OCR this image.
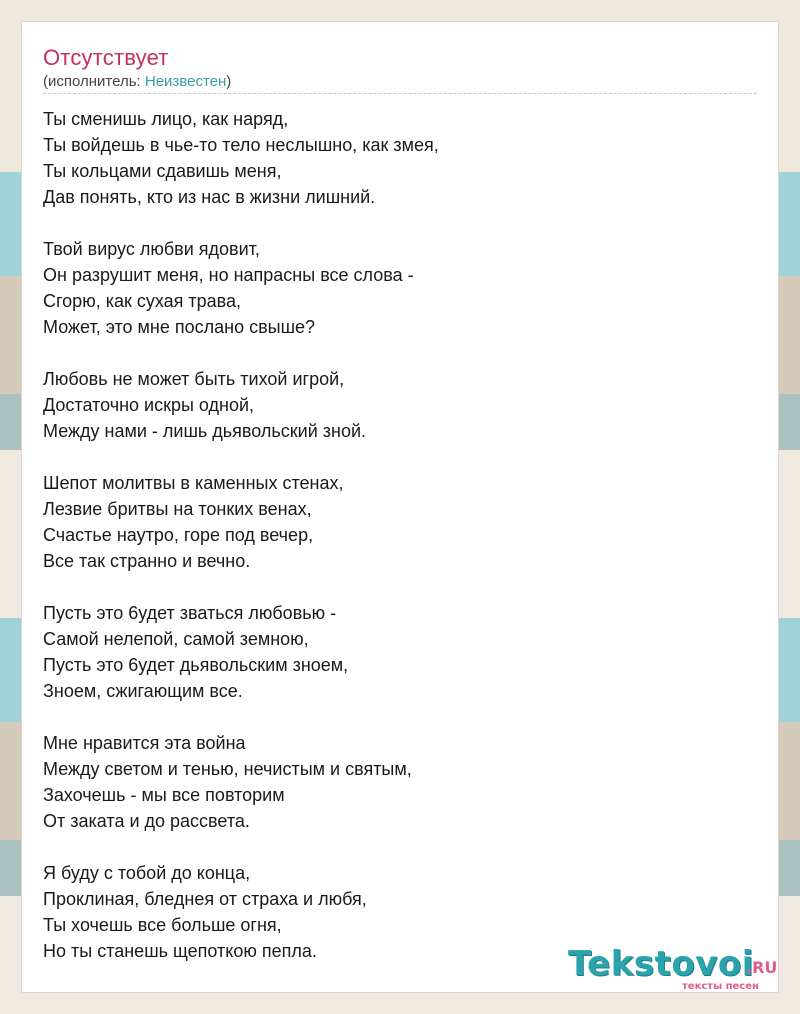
Отсутствует
(исполнитель: Неизвестен)
Ты сменишь лицо, как наряд,
Ты войдешь в чье-то тело неслышно, как змея,
Ты кольцами сдавишь меня,
Дав понять, кто из нас в жизни лишний.
Твой вирус любви ядовит,
Он разрушит меня, но напрасны все слова -
Сгорю, как сухая трава,
Может, это мне послано свыше?
Любовь не может быть тихой игрой,
Достаточно искры одной,
Между нами - лишь дьявольский зной.
Шепот молитвы в каменных стенах,
Лезвие бритвы на тонких венах,
Счастье наутро, горе под вечер,
Все так странно и вечно.
Пусть это 6удет зваться любовью -
Самой нелепой, самой земною,
Пусть это 6удет дьявольским зноем,
Зноем, сжигающим все.
Мне нравится эта война
Между светом и тенью, нечистым и святым,
Захочешь - мы все повторим
От заката и до рассвета.
Я буду с тобой до конца,
Проклиная, бледнея от страха и любя,
Ты хочешь все больше огня,
Но ты станешь щепоткою пепла.	Tekstovoi
.RU
тексты песен
